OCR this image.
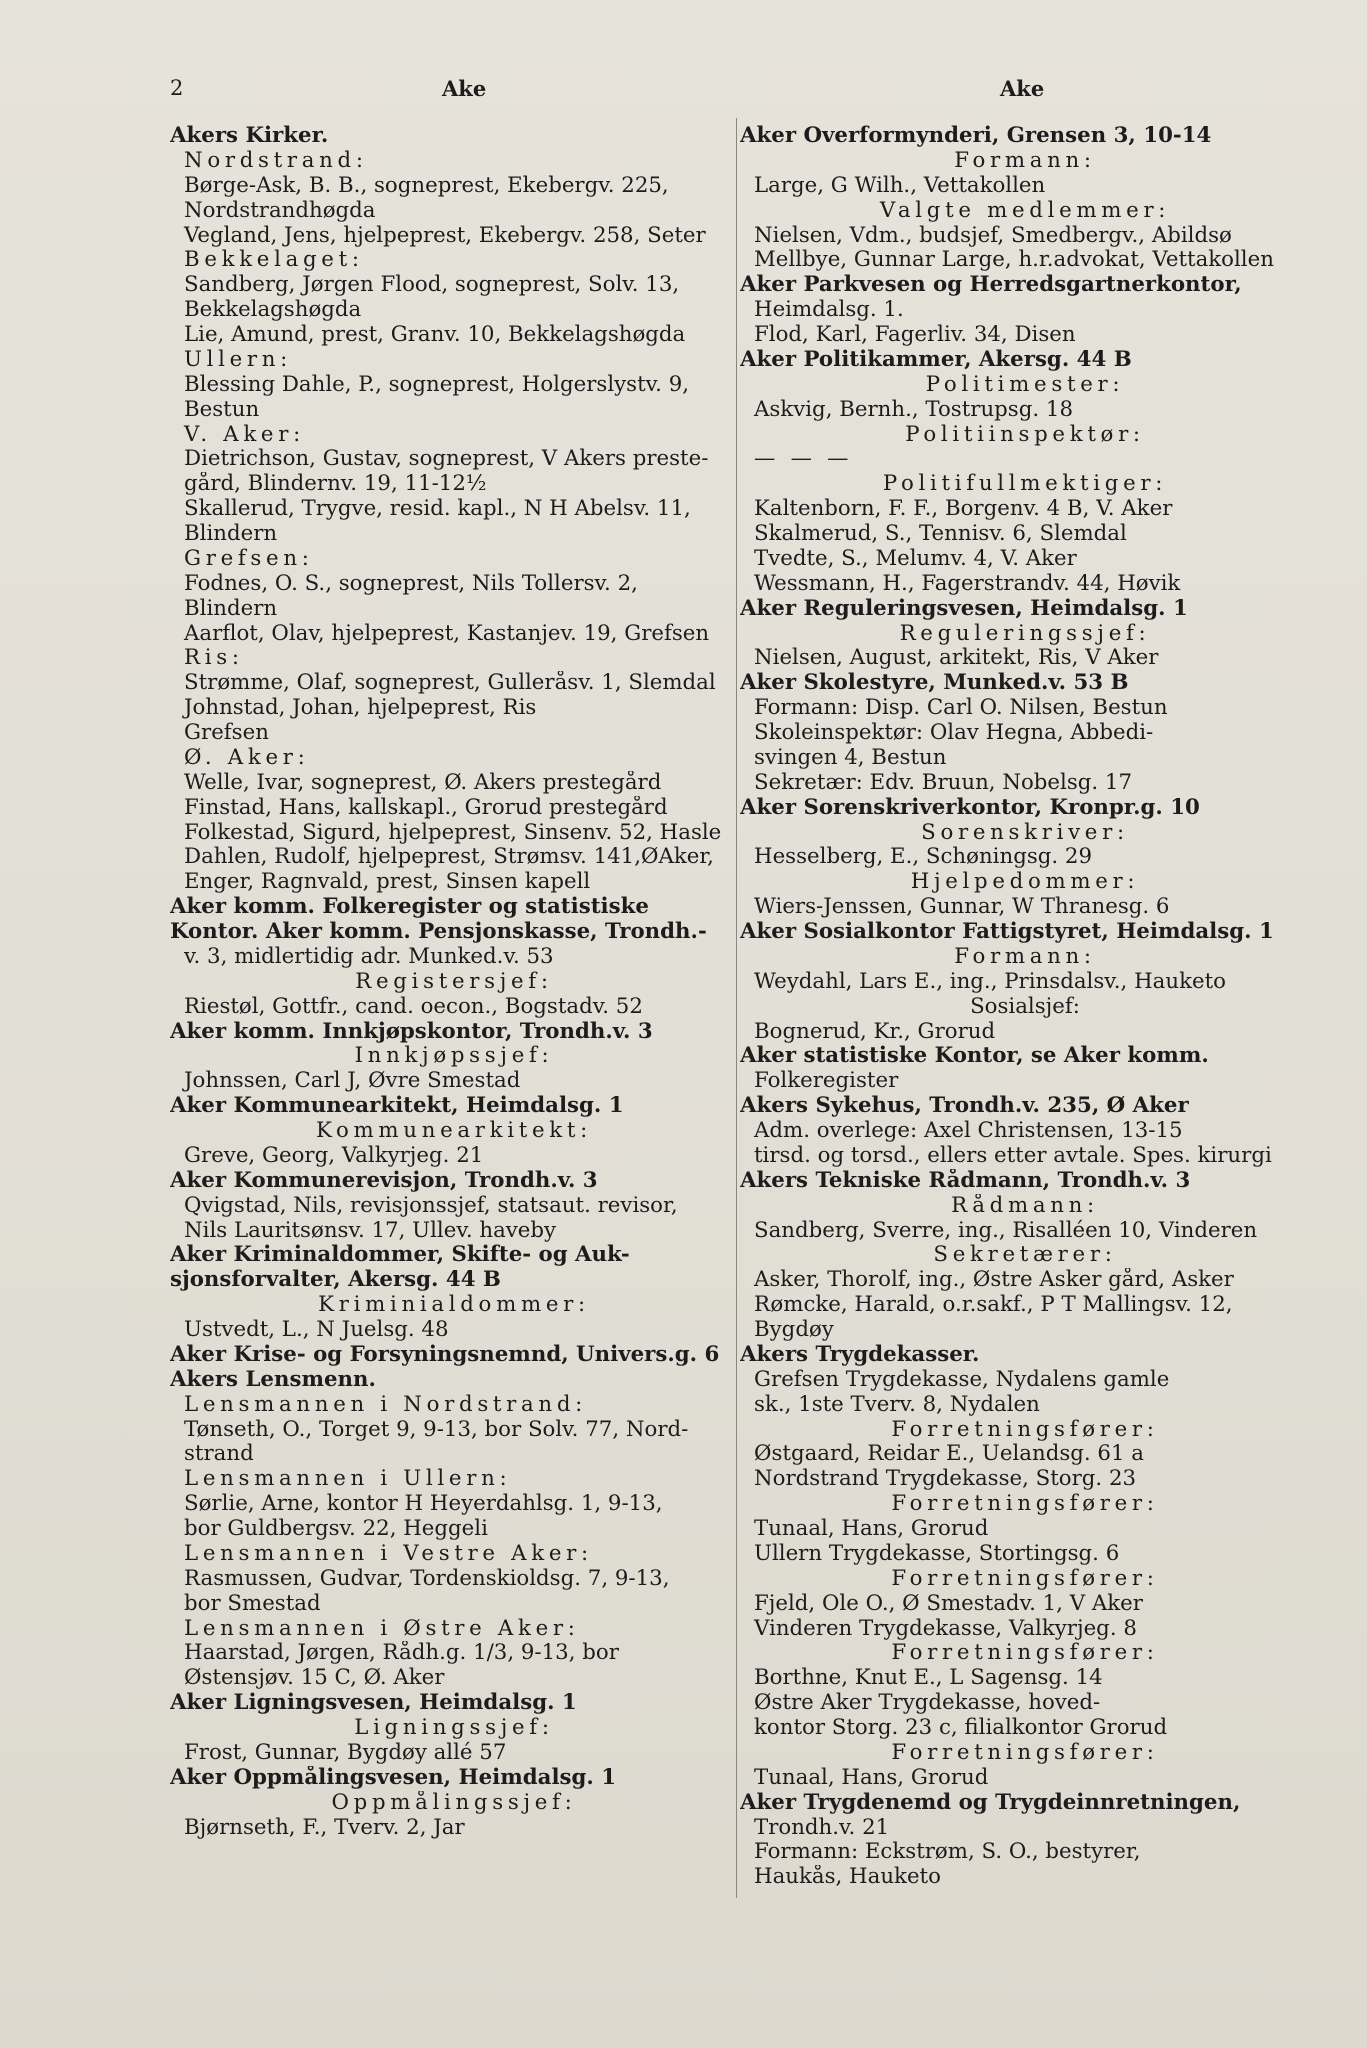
2	Ake	Ake
Akers Kirker.
Nordstrand:
Børge-Ask, B. B., sogneprest, Ekebergv. 225,
Nordstrandhøgda
Vegland, Jens, hjelpeprest, Ekebergv. 258, Seter
Bekkelaget:
Sandberg, Jørgen Flood, sogneprest, Solv. 13,
Bekkelagshøgda
Lie, Amund, prest, Granv. 10, Bekkelagshøgda
Ullern:
Blessing Dahle, P., sogneprest, Holgerslystv. 9,
Bestun
V. Aker:
Dietrichson, Gustav, sogneprest, V Akers preste-
gård, Blindernv. 19, 11-12½
Skallerud, Trygve, resid. kapl., N H Abelsv. 11,
Blindern
Grefsen:
Fodnes, O. S., sogneprest, Nils Tollersv. 2,
Blindern
Aarflot, Olav, hjelpeprest, Kastanjev. 19, Grefsen
Ris:
Strømme, Olaf, sogneprest, Gulleråsv. 1, Slemdal
Johnstad, Johan, hjelpeprest, Ris
Grefsen
Ø. Aker:
Welle, Ivar, sogneprest, Ø. Akers prestegård
Finstad, Hans, kallskapl., Grorud prestegård
Folkestad, Sigurd, hjelpeprest, Sinsenv. 52, Hasle
Dahlen, Rudolf, hjelpeprest, Strømsv. 141,ØAker,
Enger, Ragnvald, prest, Sinsen kapell
Aker komm. Folkeregister og statistiske
Kontor. Aker komm. Pensjonskasse, Trondh.-
v. 3, midlertidig adr. Munked.v. 53
Registersjef:
Riestøl, Gottfr., cand. oecon., Bogstadv. 52
Aker komm. Innkjøpskontor, Trondh.v. 3
Innkjøpssjef:
Johnssen, Carl J, Øvre Smestad
Aker Kommunearkitekt, Heimdalsg. 1
Kommunearkitekt:
Greve, Georg, Valkyrjeg. 21
Aker Kommunerevisjon, Trondh.v. 3
Qvigstad, Nils, revisjonssjef, statsaut. revisor,
Nils Lauritsønsv. 17, Ullev. haveby
Aker Kriminaldommer, Skifte- og Auk-
sjonsforvalter, Akersg. 44 B
Kriminialdommer:
Ustvedt, L., N Juelsg. 48
Aker Krise- og Forsyningsnemnd, Univers.g. 6
Akers Lensmenn.
Lensmannen i Nordstrand:
Tønseth, O., Torget 9, 9-13, bor Solv. 77, Nord-
strand
Lensmannen i Ullern:
Sørlie, Arne, kontor H Heyerdahlsg. 1, 9-13,
bor Guldbergsv. 22, Heggeli
Lensmannen i Vestre Aker:
Rasmussen, Gudvar, Tordenskioldsg. 7, 9-13,
bor Smestad
Lensmannen i Østre Aker:
Haarstad, Jørgen, Rådh.g. 1/3, 9-13, bor
Østensjøv. 15 C, Ø. Aker
Aker Ligningsvesen, Heimdalsg. 1
Ligningssjef:
Frost, Gunnar, Bygdøy allé 57
Aker Oppmålingsvesen, Heimdalsg. 1
Oppmålingssjef:
Bjørnseth, F., Tverv. 2, Jar
Aker Overformynderi, Grensen 3, 10-14
Formann:
Large, G Wilh., Vettakollen
Valgte medlemmer:
Nielsen, Vdm., budsjef, Smedbergv., Abildsø
Mellbye, Gunnar Large, h.r.advokat, Vettakollen
Aker Parkvesen og Herredsgartnerkontor,
Heimdalsg. 1.
Flod, Karl, Fagerliv. 34, Disen
Aker Politikammer, Akersg. 44 B
Politimester:
Askvig, Bernh., Tostrupsg. 18
Politiinspektør:
— — —
Politifullmektiger:
Kaltenborn, F. F., Borgenv. 4 B, V. Aker
Skalmerud, S., Tennisv. 6, Slemdal
Tvedte, S., Melumv. 4, V. Aker
Wessmann, H., Fagerstrandv. 44, Høvik
Aker Reguleringsvesen, Heimdalsg. 1
Reguleringssjef:
Nielsen, August, arkitekt, Ris, V Aker
Aker Skolestyre, Munked.v. 53 B
Formann: Disp. Carl O. Nilsen, Bestun
Skoleinspektør: Olav Hegna, Abbedi-
svingen 4, Bestun
Sekretær: Edv. Bruun, Nobelsg. 17
Aker Sorenskriverkontor, Kronpr.g. 10
Sorenskriver:
Hesselberg, E., Schøningsg. 29
Hjelpedommer:
Wiers-Jenssen, Gunnar, W Thranesg. 6
Aker Sosialkontor Fattigstyret, Heimdalsg. 1
Formann:
Weydahl, Lars E., ing., Prinsdalsv., Hauketo
Sosialsjef:
Bognerud, Kr., Grorud
Aker statistiske Kontor, se Aker komm.
Folkeregister
Akers Sykehus, Trondh.v. 235, Ø Aker
Adm. overlege: Axel Christensen, 13-15
tirsd. og torsd., ellers etter avtale. Spes. kirurgi
Akers Tekniske Rådmann, Trondh.v. 3
Rådmann:
Sandberg, Sverre, ing., Risalléen 10, Vinderen
Sekretærer:
Asker, Thorolf, ing., Østre Asker gård, Asker
Rømcke, Harald, o.r.sakf., P T Mallingsv. 12,
Bygdøy
Akers Trygdekasser.
Grefsen Trygdekasse, Nydalens gamle
sk., 1ste Tverv. 8, Nydalen
Forretningsfører:
Østgaard, Reidar E., Uelandsg. 61 a
Nordstrand Trygdekasse, Storg. 23
Forretningsfører:
Tunaal, Hans, Grorud
Ullern Trygdekasse, Stortingsg. 6
Forretningsfører:
Fjeld, Ole O., Ø Smestadv. 1, V Aker
Vinderen Trygdekasse, Valkyrjeg. 8
Forretningsfører:
Borthne, Knut E., L Sagensg. 14
Østre Aker Trygdekasse, hoved-
kontor Storg. 23 c, filialkontor Grorud
Forretningsfører:
Tunaal, Hans, Grorud
Aker Trygdenemd og Trygdeinnretningen,
Trondh.v. 21
Formann: Eckstrøm, S. O., bestyrer,
Haukås, Hauketo
